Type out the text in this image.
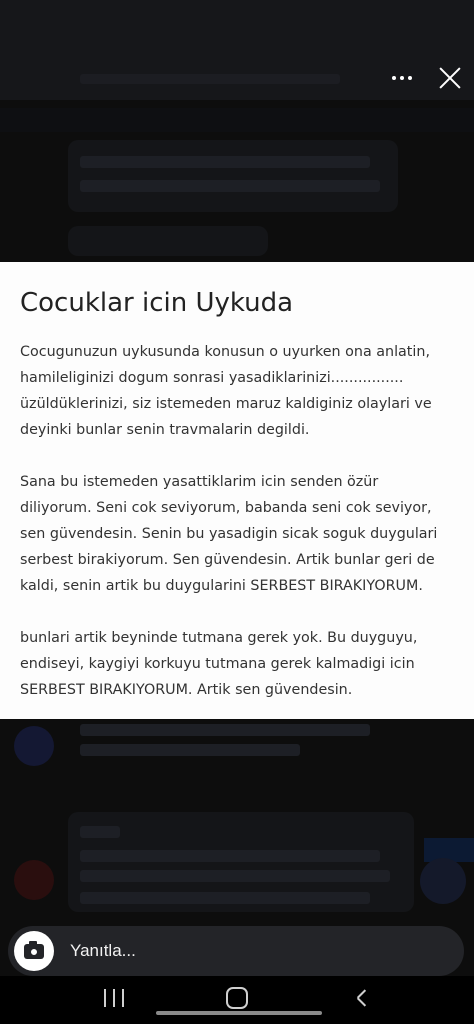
Cocuklar icin Uykuda

Cocugunuzun uykusunda konusun o uyurken ona anlatin, hamileliginizi dogum sonrasi yasadiklarinizi................ üzüldüklerinizi, siz istemeden maruz kaldiginiz olaylari ve deyinki bunlar senin travmalarin degildi.

Sana bu istemeden yasattiklarim icin senden özür diliyorum. Seni cok seviyorum, babanda seni cok seviyor, sen güvendesin. Senin bu yasadigin sicak soguk duygulari serbest birakiyorum. Sen güvendesin. Artik bunlar geri de kaldi, senin artik bu duygularini SERBEST BIRAKIYORUM.

bunlari artik beyninde tutmana gerek yok. Bu duyguyu, endiseyi, kaygiyi korkuyu tutmana gerek kalmadigi icin SERBEST BIRAKIYORUM. Artik sen güvendesin.

Yanıtla...
